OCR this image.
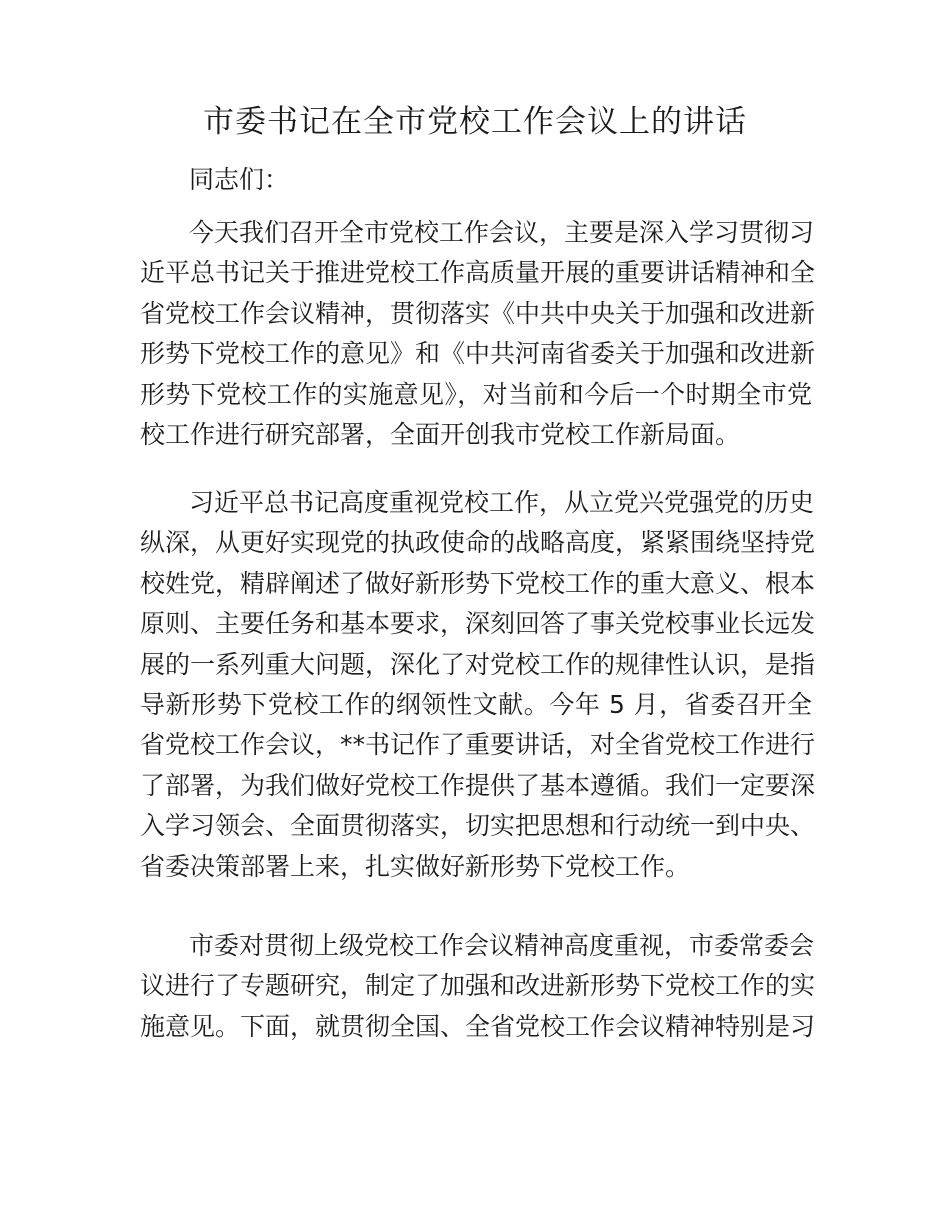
市委书记在全市党校工作会议上的讲话

同志们：

今天我们召开全市党校工作会议，主要是深入学习贯彻习
近平总书记关于推进党校工作高质量开展的重要讲话精神和全
省党校工作会议精神，贯彻落实《中共中央关于加强和改进新
形势下党校工作的意见》和《中共河南省委关于加强和改进新
形势下党校工作的实施意见》，对当前和今后一个时期全市党
校工作进行研究部署，全面开创我市党校工作新局面。
习近平总书记高度重视党校工作，从立党兴党强党的历史
纵深，从更好实现党的执政使命的战略高度，紧紧围绕坚持党
校姓党，精辟阐述了做好新形势下党校工作的重大意义、根本
原则、主要任务和基本要求，深刻回答了事关党校事业长远发
展的一系列重大问题，深化了对党校工作的规律性认识，是指
导新形势下党校工作的纲领性文献。今年 5 月，省委召开全
省党校工作会议，**书记作了重要讲话，对全省党校工作进行
了部署，为我们做好党校工作提供了基本遵循。我们一定要深
入学习领会、全面贯彻落实，切实把思想和行动统一到中央、
省委决策部署上来，扎实做好新形势下党校工作。
市委对贯彻上级党校工作会议精神高度重视，市委常委会
议进行了专题研究，制定了加强和改进新形势下党校工作的实
施意见。下面，就贯彻全国、全省党校工作会议精神特别是习
